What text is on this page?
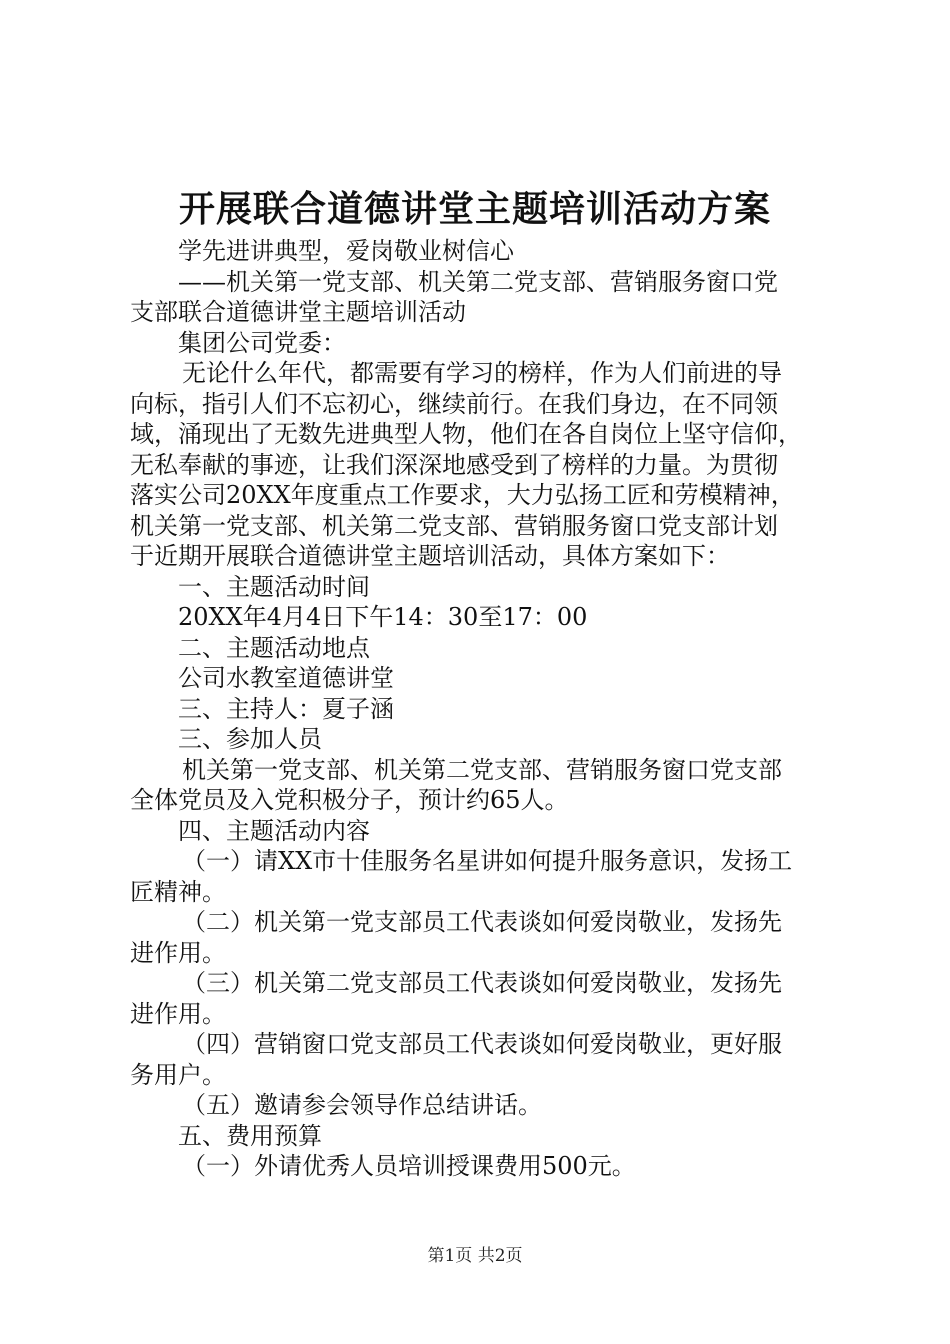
开展联合道德讲堂主题培训活动方案
学先进讲典型，爱岗敬业树信心
——机关第一党支部、机关第二党支部、营销服务窗口党
支部联合道德讲堂主题培训活动
集团公司党委：
无论什么年代，都需要有学习的榜样，作为人们前进的导
向标，指引人们不忘初心，继续前行。在我们身边，在不同领
域，涌现出了无数先进典型人物，他们在各自岗位上坚守信仰，
无私奉献的事迹，让我们深深地感受到了榜样的力量。为贯彻
落实公司20XX年度重点工作要求，大力弘扬工匠和劳模精神，
机关第一党支部、机关第二党支部、营销服务窗口党支部计划
于近期开展联合道德讲堂主题培训活动，具体方案如下：
一、主题活动时间
20XX年4月4日下午14：30至17：00
二、主题活动地点
公司水教室道德讲堂
三、主持人：夏子涵
三、参加人员
机关第一党支部、机关第二党支部、营销服务窗口党支部
全体党员及入党积极分子，预计约65人。
四、主题活动内容
（一）请XX市十佳服务名星讲如何提升服务意识，发扬工
匠精神。
（二）机关第一党支部员工代表谈如何爱岗敬业，发扬先
进作用。
（三）机关第二党支部员工代表谈如何爱岗敬业，发扬先
进作用。
（四）营销窗口党支部员工代表谈如何爱岗敬业，更好服
务用户。
（五）邀请参会领导作总结讲话。
五、费用预算
（一）外请优秀人员培训授课费用500元。
第1页 共2页
